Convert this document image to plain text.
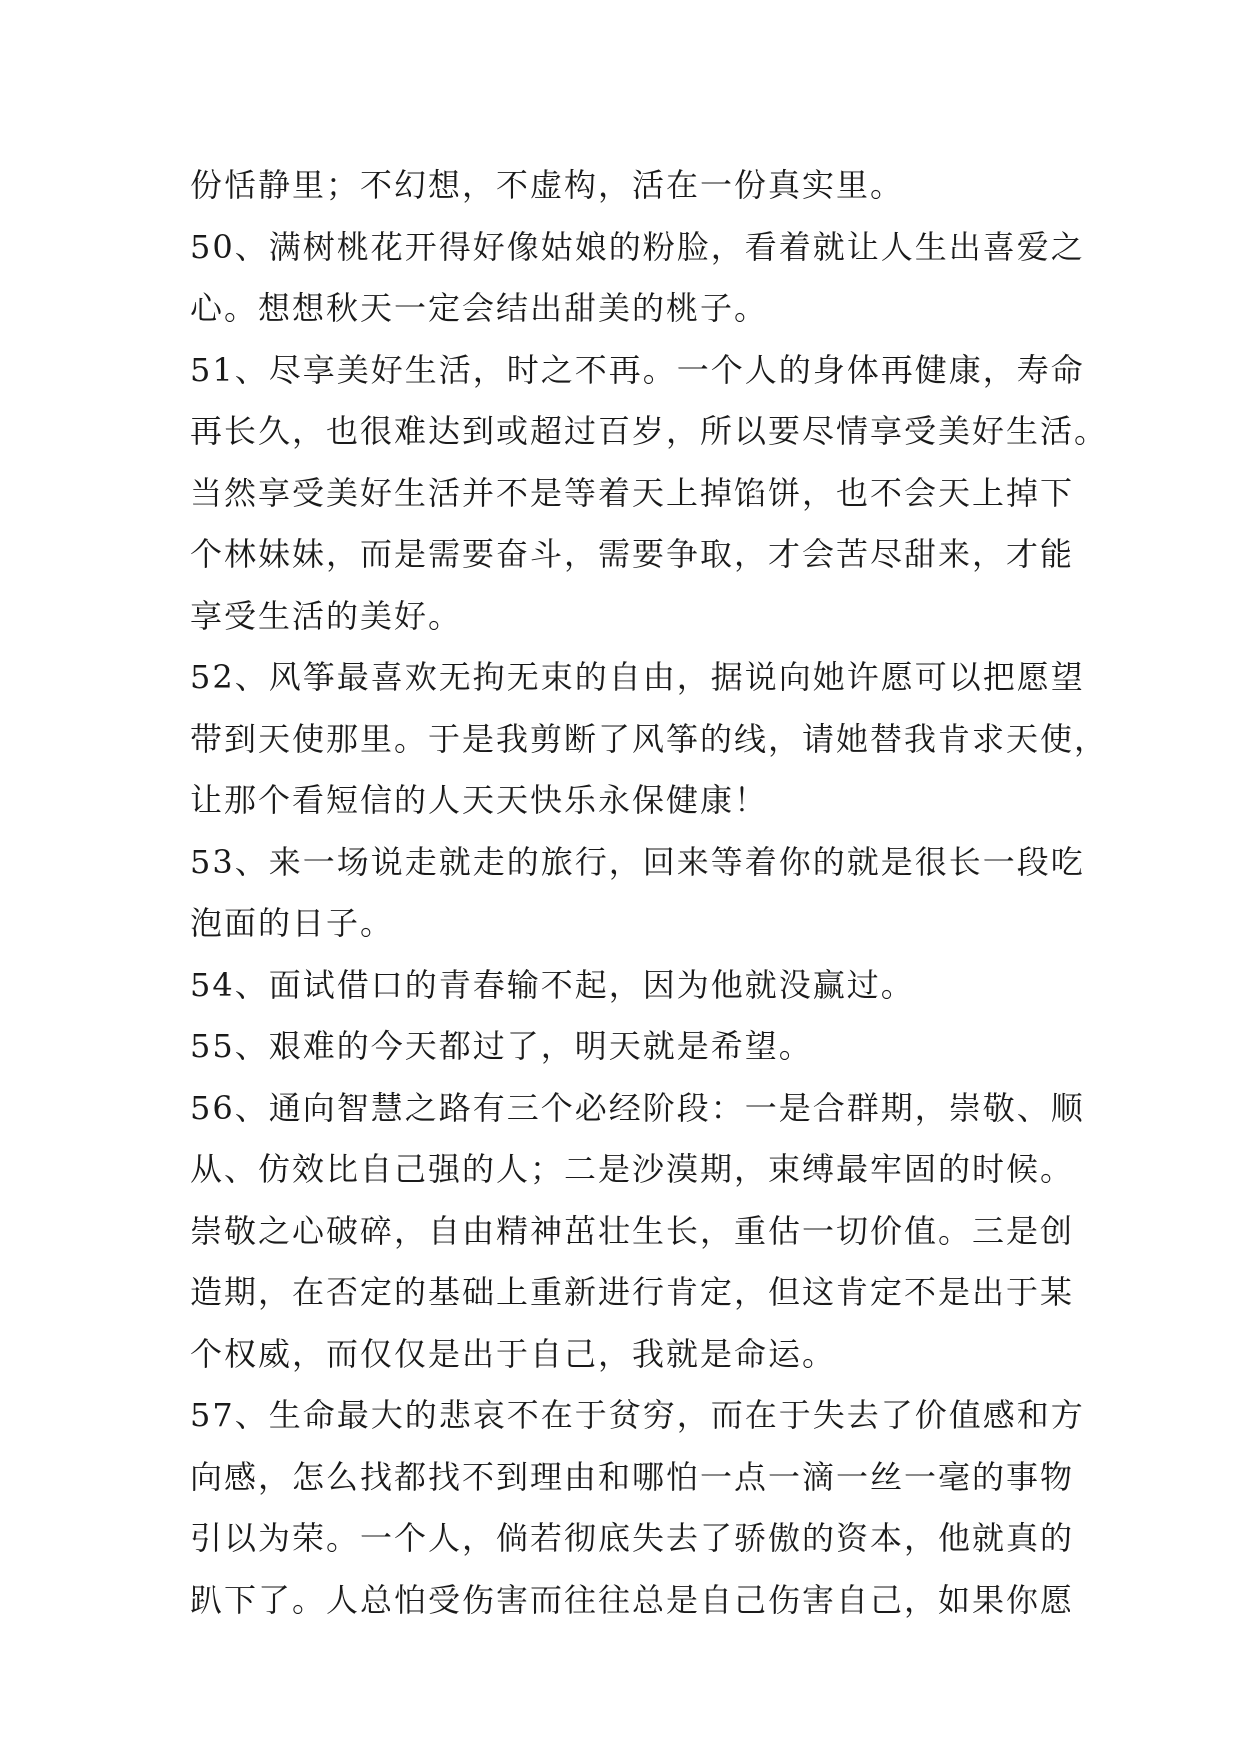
份恬静里；不幻想，不虚构，活在一份真实里。
50、满树桃花开得好像姑娘的粉脸，看着就让人生出喜爱之
心。想想秋天一定会结出甜美的桃子。
51、尽享美好生活，时之不再。一个人的身体再健康，寿命
再长久，也很难达到或超过百岁，所以要尽情享受美好生活。
当然享受美好生活并不是等着天上掉馅饼，也不会天上掉下
个林妹妹，而是需要奋斗，需要争取，才会苦尽甜来，才能
享受生活的美好。
52、风筝最喜欢无拘无束的自由，据说向她许愿可以把愿望
带到天使那里。于是我剪断了风筝的线，请她替我肯求天使，
让那个看短信的人天天快乐永保健康！
53、来一场说走就走的旅行，回来等着你的就是很长一段吃
泡面的日子。
54、面试借口的青春输不起，因为他就没赢过。
55、艰难的今天都过了，明天就是希望。
56、通向智慧之路有三个必经阶段：一是合群期，崇敬、顺
从、仿效比自己强的人；二是沙漠期，束缚最牢固的时候。
崇敬之心破碎，自由精神茁壮生长，重估一切价值。三是创
造期，在否定的基础上重新进行肯定，但这肯定不是出于某
个权威，而仅仅是出于自己，我就是命运。
57、生命最大的悲哀不在于贫穷，而在于失去了价值感和方
向感，怎么找都找不到理由和哪怕一点一滴一丝一毫的事物
引以为荣。一个人，倘若彻底失去了骄傲的资本，他就真的
趴下了。人总怕受伤害而往往总是自己伤害自己，如果你愿
